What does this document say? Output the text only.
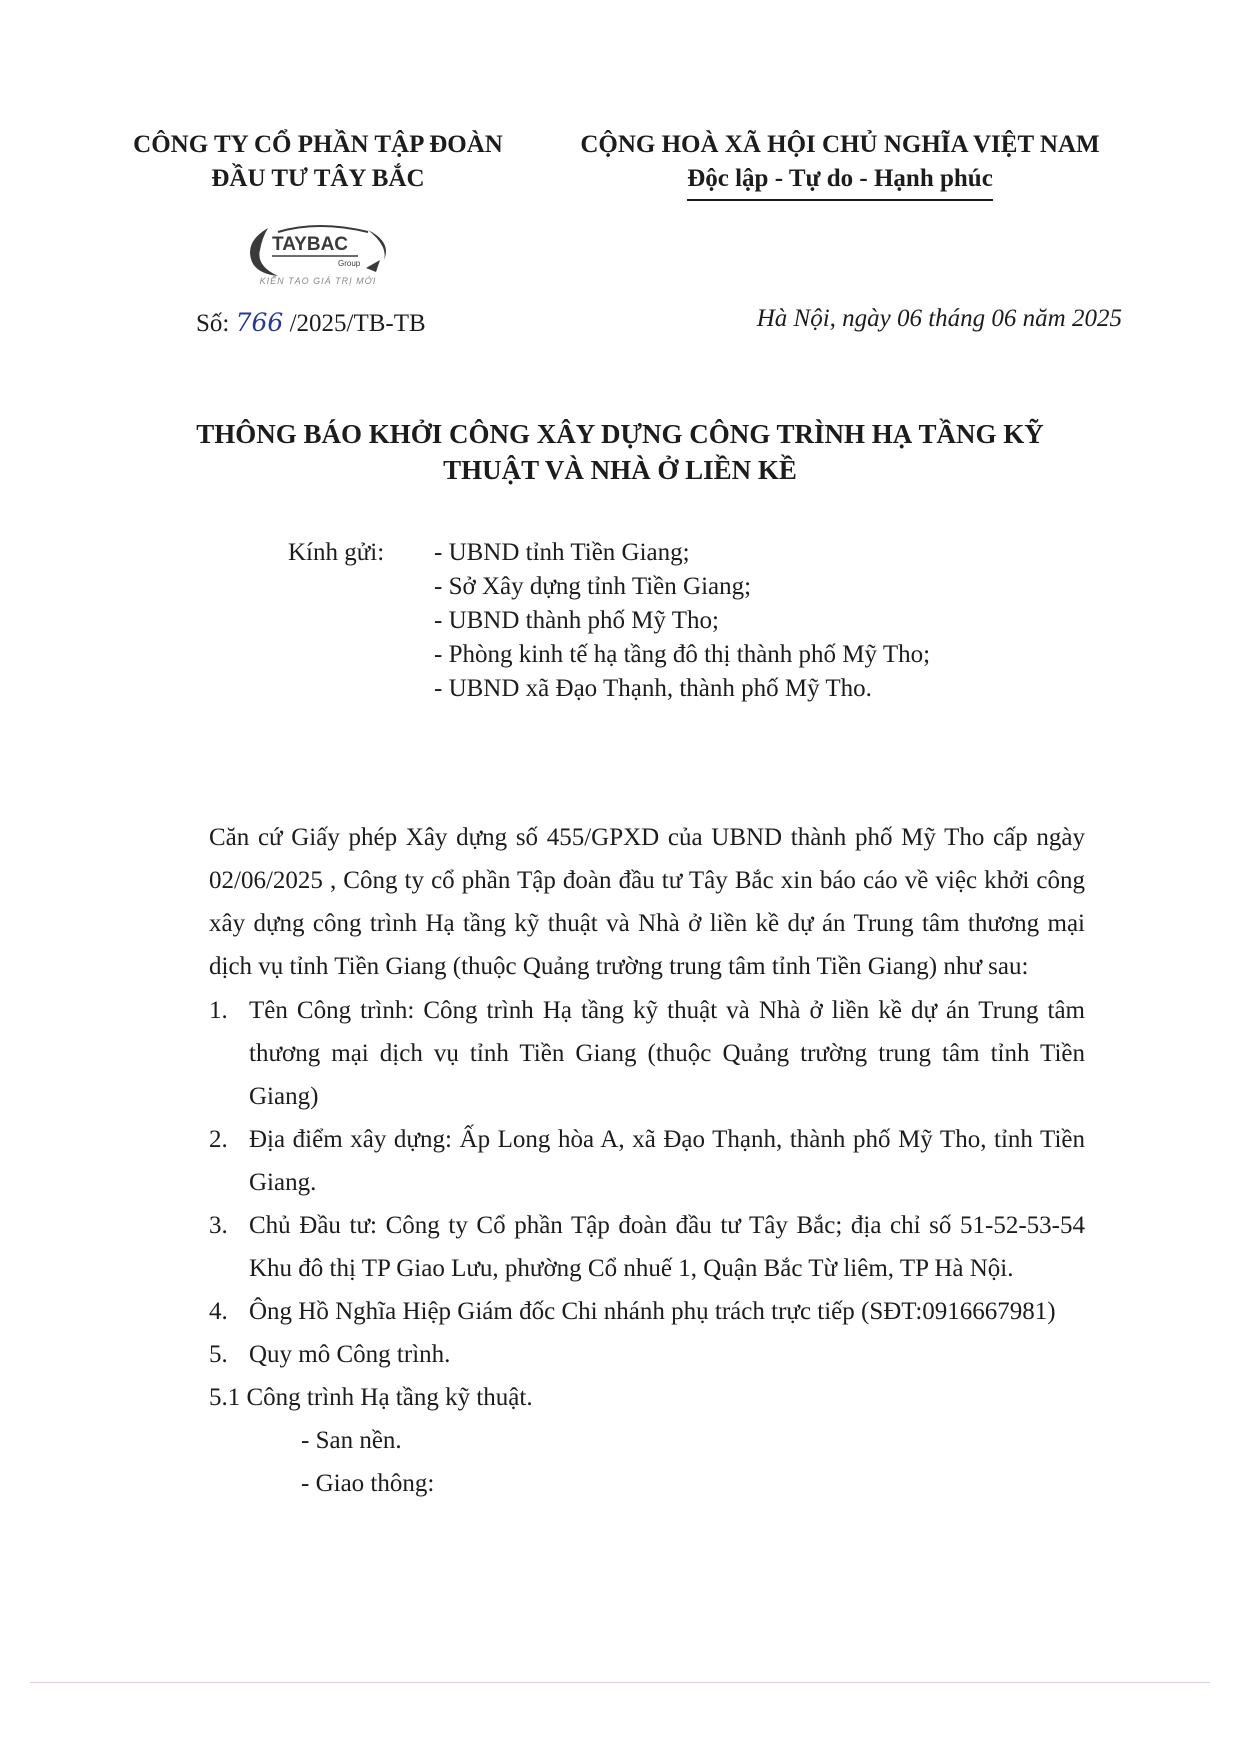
CÔNG TY CỔ PHẦN TẬP ĐOÀN
ĐẦU TƯ TÂY BẮC
CỘNG HOÀ XÃ HỘI CHỦ NGHĨA VIỆT NAM
Độc lập - Tự do - Hạnh phúc
TAYBAC
Group
KIẾN TẠO GIÁ TRỊ MỚI
Số: 766 /2025/TB-TB	Hà Nội, ngày 06 tháng 06 năm 2025
THÔNG BÁO KHỞI CÔNG XÂY DỰNG CÔNG TRÌNH HẠ TẦNG KỸ
THUẬT VÀ NHÀ Ở LIỀN KỀ
Kính gửi: - UBND tỉnh Tiền Giang;
- Sở Xây dựng tỉnh Tiền Giang;
- UBND thành phố Mỹ Tho;
- Phòng kinh tế hạ tầng đô thị thành phố Mỹ Tho;
- UBND xã Đạo Thạnh, thành phố Mỹ Tho.
Căn cứ Giấy phép Xây dựng số 455/GPXD của UBND thành phố Mỹ Tho cấp ngày 02/06/2025 , Công ty cổ phần Tập đoàn đầu tư Tây Bắc xin báo cáo về việc khởi công xây dựng công trình Hạ tầng kỹ thuật và Nhà ở liền kề dự án Trung tâm thương mại dịch vụ tỉnh Tiền Giang (thuộc Quảng trường trung tâm tỉnh Tiền Giang) như sau:
1. Tên Công trình: Công trình Hạ tầng kỹ thuật và Nhà ở liền kề dự án Trung tâm thương mại dịch vụ tỉnh Tiền Giang (thuộc Quảng trường trung tâm tỉnh Tiền Giang)
2. Địa điểm xây dựng: Ấp Long hòa A, xã Đạo Thạnh, thành phố Mỹ Tho, tỉnh Tiền Giang.
3. Chủ Đầu tư: Công ty Cổ phần Tập đoàn đầu tư Tây Bắc; địa chỉ số 51-52-53-54 Khu đô thị TP Giao Lưu, phường Cổ nhuế 1, Quận Bắc Từ liêm, TP Hà Nội.
4. Ông Hồ Nghĩa Hiệp Giám đốc Chi nhánh phụ trách trực tiếp (SĐT:0916667981)
5. Quy mô Công trình.
5.1 Công trình Hạ tầng kỹ thuật.
- San nền.
- Giao thông:
